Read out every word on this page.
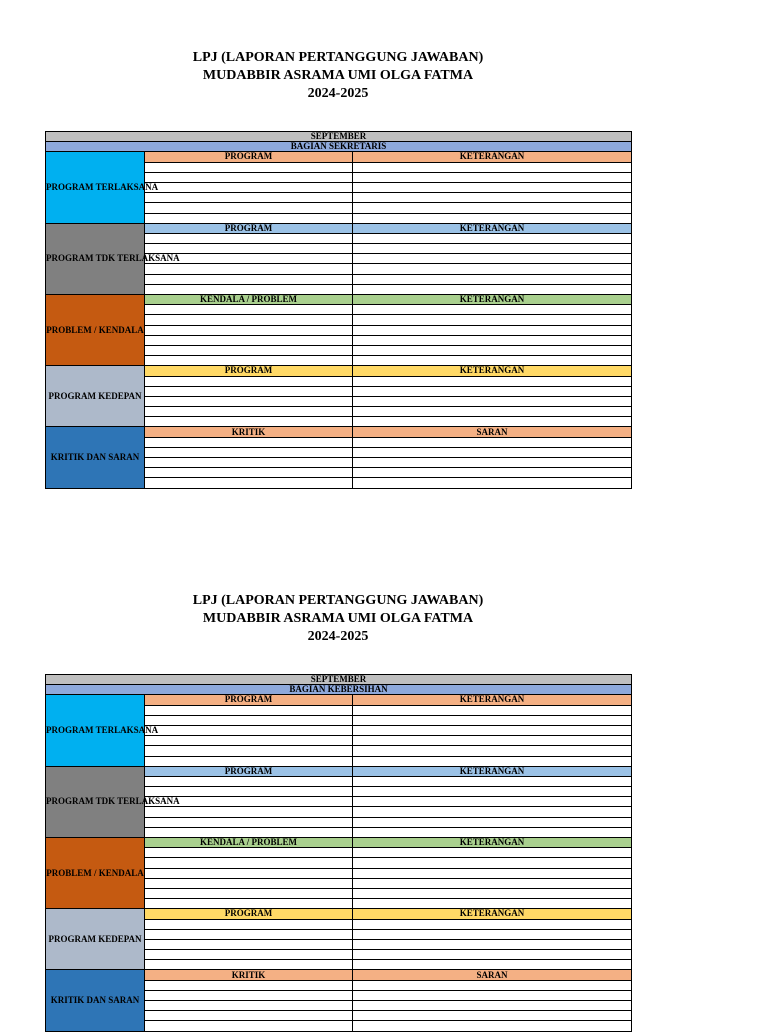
LPJ (LAPORAN PERTANGGUNG JAWABAN)
MUDABBIR ASRAMA UMI OLGA FATMA
2024-2025
SEPTEMBER		
BAGIAN SEKRETARIS		
PROGRAM TERLAKSANA	PROGRAM	KETERANGAN

PROGRAM TDK TERLAKSANA	PROGRAM	KETERANGAN

PROBLEM / KENDALA	KENDALA / PROBLEM	KETERANGAN

PROGRAM KEDEPAN	PROGRAM	KETERANGAN

KRITIK DAN SARAN	KRITIK	SARAN

LPJ (LAPORAN PERTANGGUNG JAWABAN)
MUDABBIR ASRAMA UMI OLGA FATMA
2024-2025
SEPTEMBER		
BAGIAN KEBERSIHAN		
PROGRAM TERLAKSANA	PROGRAM	KETERANGAN

PROGRAM TDK TERLAKSANA	PROGRAM	KETERANGAN

PROBLEM / KENDALA	KENDALA / PROBLEM	KETERANGAN

PROGRAM KEDEPAN	PROGRAM	KETERANGAN

KRITIK DAN SARAN	KRITIK	SARAN
